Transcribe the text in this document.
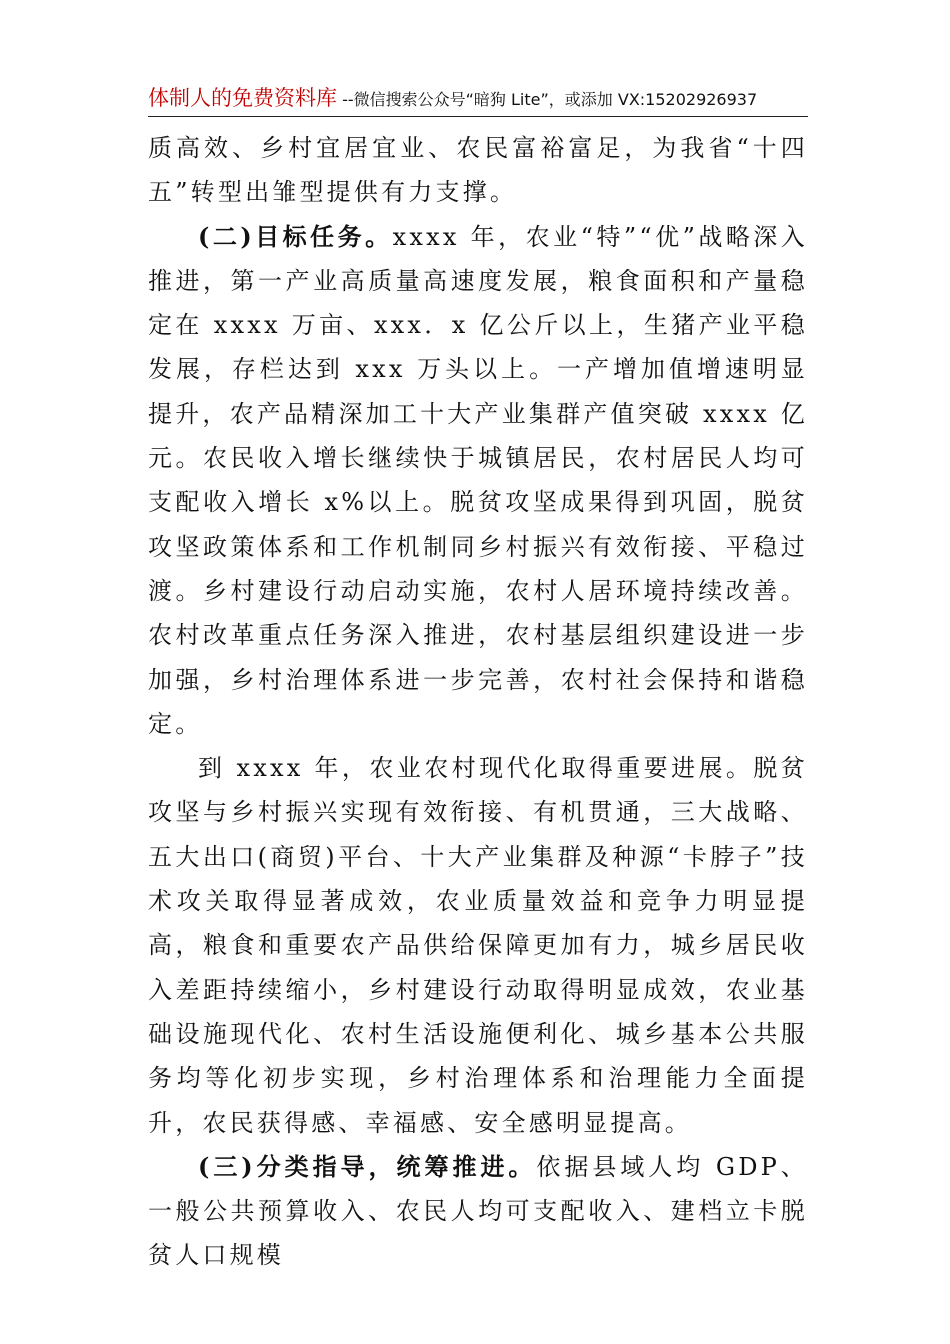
体制人的免费资料库 --微信搜索公众号“暗狗 Lite”，或添加 VX:15202926937

质高效、乡村宜居宜业、农民富裕富足，为我省“十四五”转型出雏型提供有力支撑。

(二)目标任务。xxxx 年，农业“特”“优”战略深入推进，第一产业高质量高速度发展，粮食面积和产量稳定在 xxxx 万亩、xxx．x 亿公斤以上，生猪产业平稳发展，存栏达到 xxx 万头以上。一产增加值增速明显提升，农产品精深加工十大产业集群产值突破 xxxx 亿元。农民收入增长继续快于城镇居民，农村居民人均可支配收入增长 x%以上。脱贫攻坚成果得到巩固，脱贫攻坚政策体系和工作机制同乡村振兴有效衔接、平稳过渡。乡村建设行动启动实施，农村人居环境持续改善。农村改革重点任务深入推进，农村基层组织建设进一步加强，乡村治理体系进一步完善，农村社会保持和谐稳定。

到 xxxx 年，农业农村现代化取得重要进展。脱贫攻坚与乡村振兴实现有效衔接、有机贯通，三大战略、五大出口(商贸)平台、十大产业集群及种源“卡脖子”技术攻关取得显著成效，农业质量效益和竞争力明显提高，粮食和重要农产品供给保障更加有力，城乡居民收入差距持续缩小，乡村建设行动取得明显成效，农业基础设施现代化、农村生活设施便利化、城乡基本公共服务均等化初步实现，乡村治理体系和治理能力全面提升，农民获得感、幸福感、安全感明显提高。

(三)分类指导，统筹推进。依据县域人均 GDP、一般公共预算收入、农民人均可支配收入、建档立卡脱贫人口规模
